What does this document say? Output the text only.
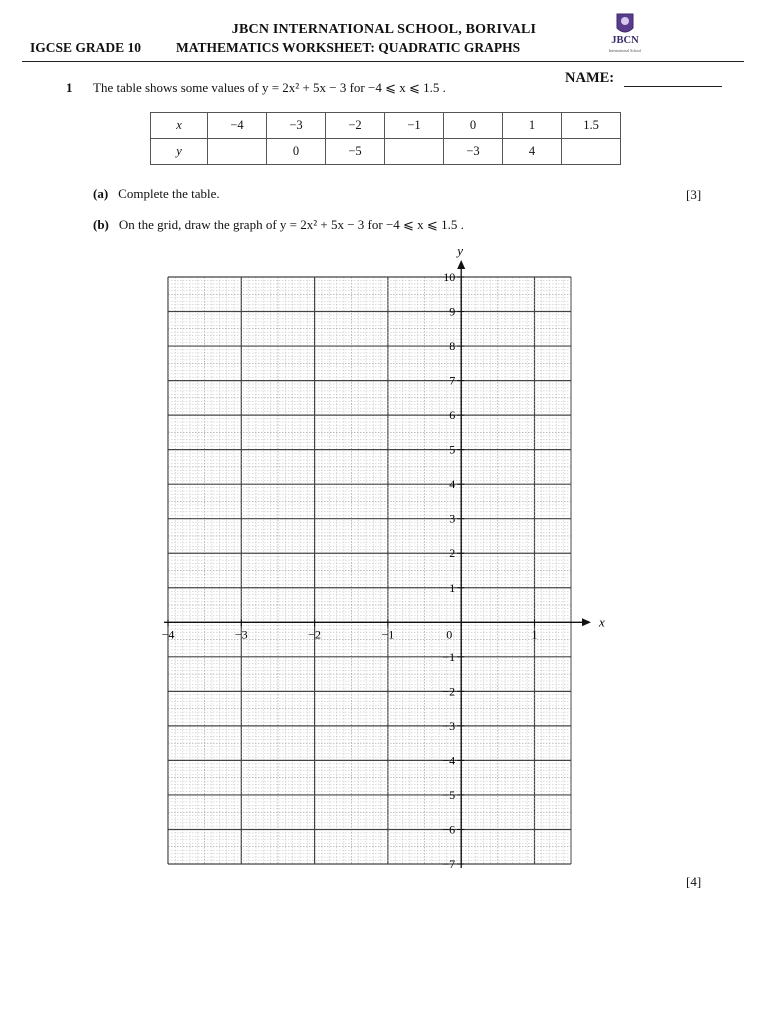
JBCN INTERNATIONAL SCHOOL, BORIVALI
IGCSE GRADE 10	MATHEMATICS WORKSHEET: QUADRATIC GRAPHS	JBCN
International School
NAME:
1 The table shows some values of y = 2x² + 5x − 3 for −4 ⩽ x ⩽ 1.5 .
x	−4	−3	−2	−1	0	1	1.5
y		0	−5		−3	4	
(a) Complete the table.	[3]
(b) On the grid, draw the graph of y = 2x² + 5x − 3 for −4 ⩽ x ⩽ 1.5 .
x
y
−4	−3	−2	−1	0	1
10
9
8
7
6
5
4
3
2
1
−1
−2
−3
−4
−5
−6
−7
[4]
